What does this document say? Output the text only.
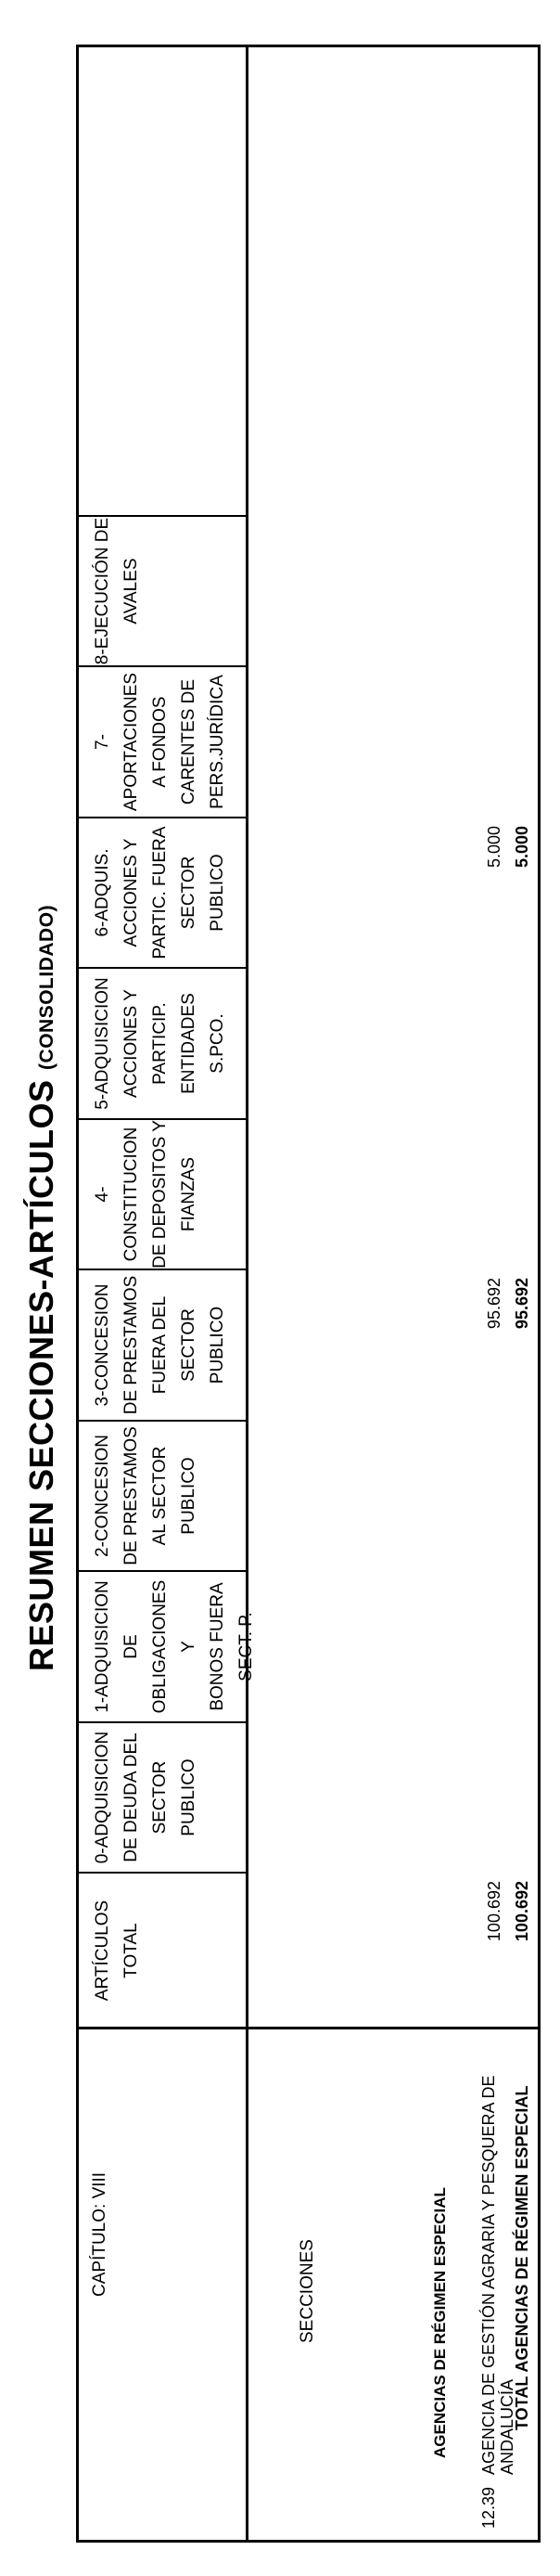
RESUMEN SECCIONES-ARTÍCULOS (CONSOLIDADO)
CAPÍTULO: VIII	SECCIONES
ARTÍCULOS
TOTAL
0-ADQUISICION
DE DEUDA DEL
SECTOR
PUBLICO
1-ADQUISICION
DE
OBLIGACIONES Y
BONOS FUERA
SECT. P.
2-CONCESION
DE PRESTAMOS
AL SECTOR
PUBLICO
3-CONCESION
DE PRESTAMOS
FUERA DEL
SECTOR
PUBLICO
4-CONSTITUCION
DE DEPOSITOS Y
FIANZAS
5-ADQUISICION
ACCIONES Y
PARTICIP.
ENTIDADES
S.PCO.
6-ADQUIS.
ACCIONES Y
PARTIC. FUERA
SECTOR
PUBLICO
7-
APORTACIONES
A FONDOS
CARENTES DE
PERS.JURÍDICA
8-EJECUCIÓN DE
AVALES
AGENCIAS DE RÉGIMEN ESPECIAL
12.39
AGENCIA DE GESTIÓN AGRARIA Y PESQUERA DE ANDALUCÍA
TOTAL AGENCIAS DE RÉGIMEN ESPECIAL
100.692
95.692
5.000
100.692
95.692
5.000
